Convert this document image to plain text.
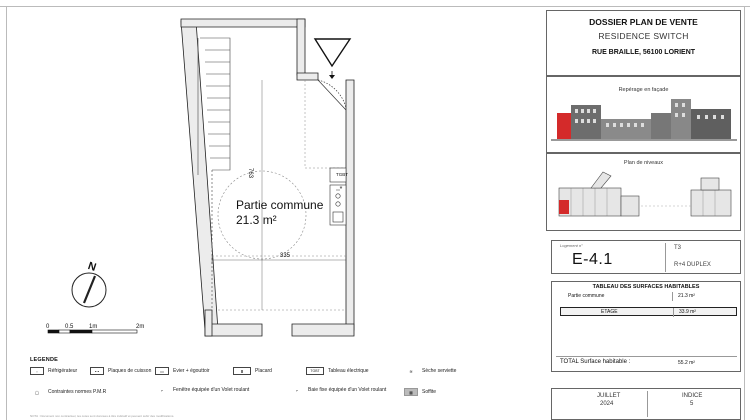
*
Partie commune
21.3 m²
335
763	TGBT
N
0	0.5	1m	2m
LEGENDE
▫	Réfrigérateur	∘∘	Plaques de cuisson	▭	Evier + égouttoir	Ⅲ	Placard	TGBT	Tableau électrique	≋	Sèche serviette
◯	Contraintes normes P.M.R	⌐	Fenêtre équipée d'un Volet roulant	⌐	Baie fixe équipée d'un Volet roulant	▦	Soffite
NOTA : Document non contractuel, les cotes sont données à titre indicatif et peuvent subir des modifications.
DOSSIER PLAN DE VENTE
RESIDENCE SWITCH
RUE BRAILLE, 56100 LORIENT
Repérage en façade
Plan de niveaux
Logement n°
E-4.1
T3
R+4 DUPLEX
TABLEAU DES SURFACES HABITABLES
Partie commune	21.3 m²
ETAGE	33.9 m²
TOTAL Surface habitable :	55.2 m²
JUILLET
2024
INDICE
5
